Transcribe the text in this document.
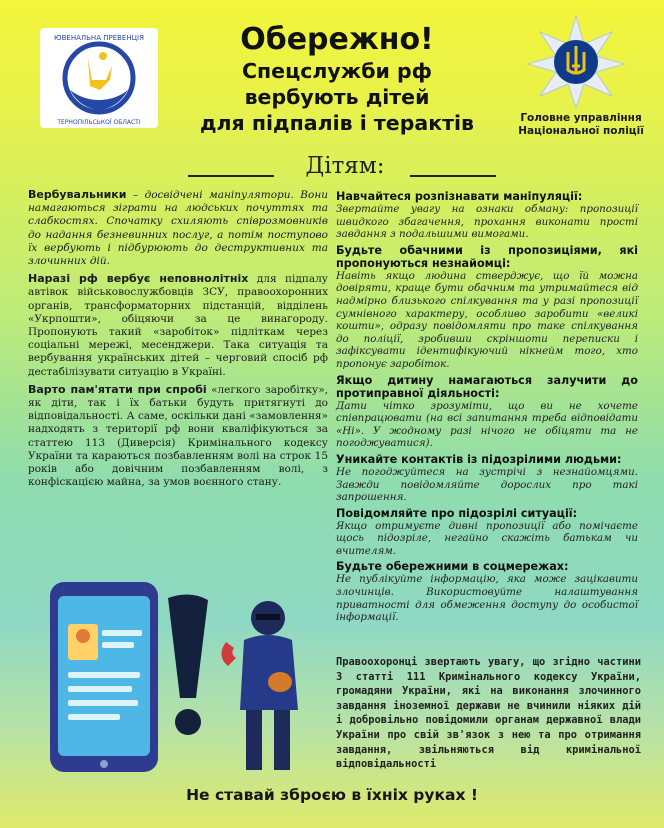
ЮВЕНАЛЬНА ПРЕВЕНЦІЯ
ТЕРНОПІЛЬСЬКОЇ ОБЛАСТІ
Обережно!
Спецслужби рф
вербують дітей
для підпалів і терактів	Головне управління
Національної поліції
Дітям:

Вербувальники – досвідчені маніпулятори. Вони намагаються зіграти на людських почуттях та слабкостях. Спочатку схиляють співрозмовників до надання безневинних послуг, а потім поступово їх вербують і підбурюють до деструктивних та злочинних дій.

Наразі рф вербує неповнолітніх для підпалу автівок військовослужбовців ЗСУ, правоохоронних органів, трансформаторних підстанцій, відділень «Укрпошти», обіцяючи за це винагороду. Пропонують такий «заробіток» підліткам через соціальні мережі, месенджери. Така ситуація та вербування українських дітей – черговий спосіб рф дестабілізувати ситуацію в Україні.

Варто пам'ятати при спробі «легкого заробітку», як діти, так і їх батьки будуть притягнуті до відповідальності. А саме, оскільки дані «замовлення» надходять з території рф вони кваліфікуються за статтею 113 (Диверсія) Кримінального кодексу України та караються позбавленням волі на строк 15 років або довічним позбавленням волі, з конфіскацією майна, за умов воєнного стану.

Навчайтеся розпізнавати маніпуляції:

Звертайте увагу на ознаки обману: пропозиції швидкого збагачення, прохання виконати прості завдання з подальшими вимогами.

Будьте обачними із пропозиціями, які пропонуються незнайомці:

Навіть якщо людина стверджує, що їй можна довіряти, краще бути обачним та утримайтеся від надмірно близького спілкування та у разі пропозиції сумнівного характеру, особливо заробити «великі кошти», одразу повідомляти про таке спілкування до поліції, зробивши скріншоти переписки і зафіксувати ідентифікуючий нікнейм того, хто пропонує заробіток.

Якщо дитину намагаються залучити до протиправної діяльності:

Дати чітко зрозуміти, що ви не хочете співпрацювати (на всі запитання треба відповідати «Ні». У жодному разі нічого не обіцяти та не погоджуватися).

Уникайте контактів із підозрілими людьми:

Не погоджуйтеся на зустрічі з незнайомцями. Завжди повідомляйте дорослих про такі запрошення.

Повідомляйте про підозрілі ситуації:

Якщо отримуєте дивні пропозиції або помічаєте щось підозріле, негайно скажіть батькам чи вчителям.

Будьте обережними в соцмережах:

Не публікуйте інформацію, яка може зацікавити злочинців. Використовуйте налаштування приватності для обмеження доступу до особистої інформації.

Правоохоронці звертають увагу, що згідно частини 3 статті 111 Кримінального кодексу України, громадяни України, які на виконання злочинного завдання іноземної держави не вчинили ніяких дій і добровільно повідомили органам державної влади України про свій зв'язок з нею та про отримання завдання, звільняються від кримінальної відповідальності
Не ставай зброєю в їхніх руках !
